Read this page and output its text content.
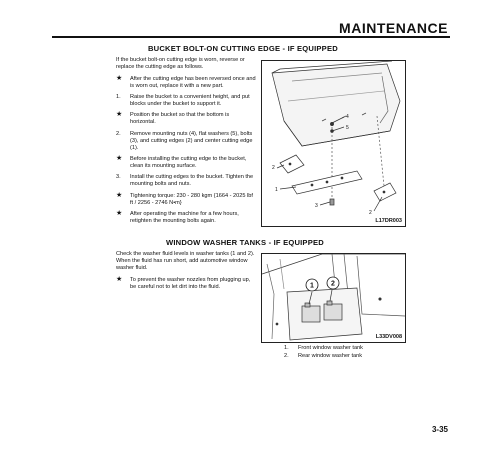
MAINTENANCE
BUCKET BOLT-ON CUTTING EDGE - IF EQUIPPED

If the bucket bolt-on cutting edge is worn, reverse or replace the cutting edge as follows.

★	After the cutting edge has been reversed once and is worn out, replace it with a new part.
1.	Raise the bucket to a convenient height, and put blocks under the bucket to support it.
★	Position the bucket so that the bottom is horizontal.
2.	Remove mounting nuts (4), flat washers (5), bolts (3), and cutting edges (2) and center cutting edge (1).
★	Before installing the cutting edge to the bucket, clean its mounting surface.
3.	Install the cutting edges to the bucket. Tighten the mounting bolts and nuts.
★	Tightening torque: 230 - 280 kgm {1664 - 2025 lbf ft / 2256 - 2746 N•m}
★	After operating the machine for a few hours, retighten the mounting bolts again.
4
5
2
1
3
2
L17DR003
WINDOW WASHER TANKS - IF EQUIPPED

Check the washer fluid levels in washer tanks (1 and 2). When the fluid has run short, add automotive window washer fluid.

★	To prevent the washer nozzles from plugging up, be careful not to let dirt into the fluid.	1 2
L33DV008
1.	Front window washer tank
2.	Rear window washer tank
3-35
